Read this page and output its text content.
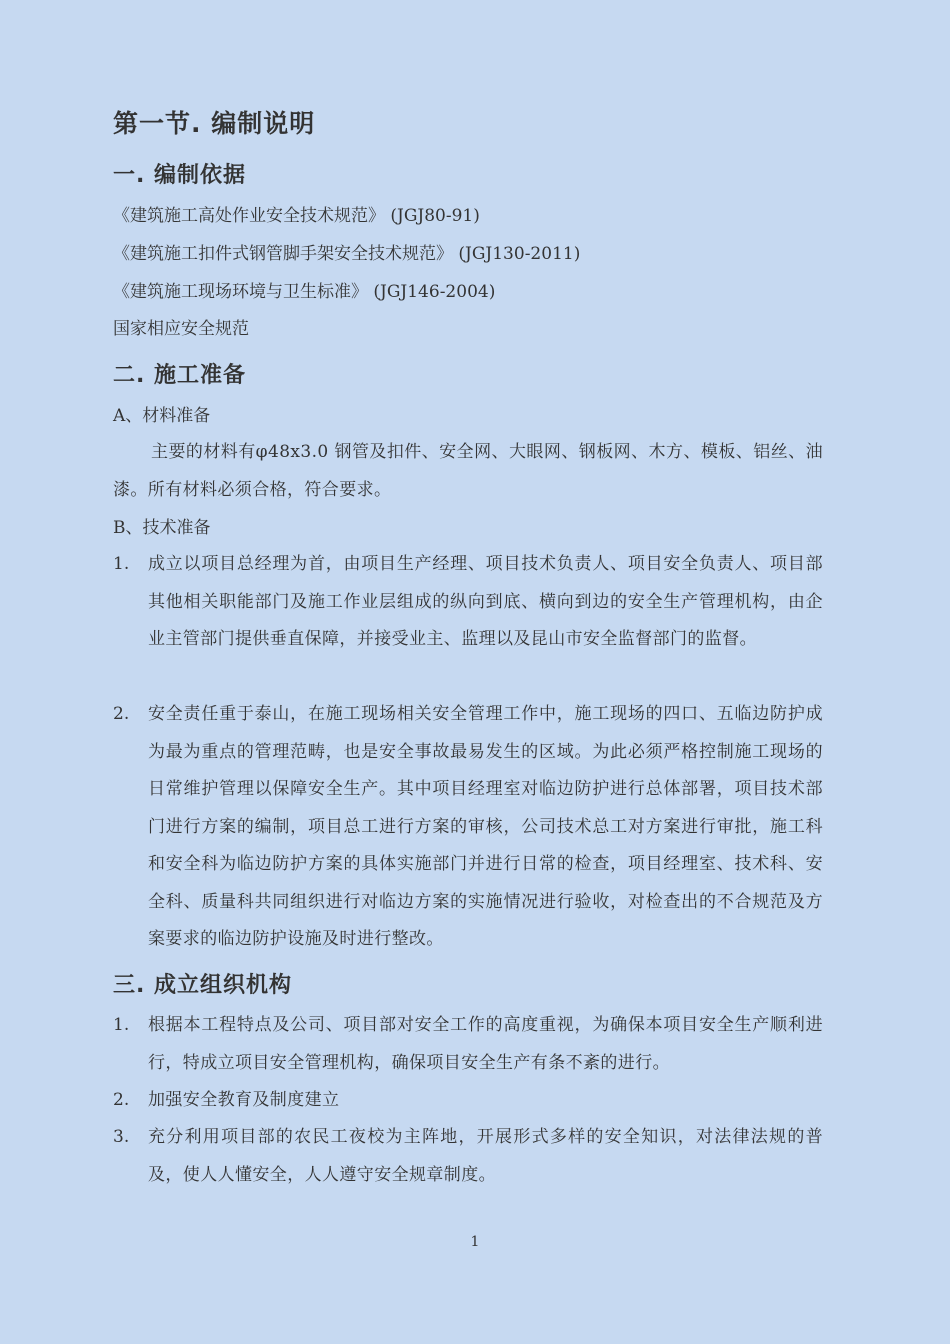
第一节. 编制说明
一. 编制依据
《建筑施工高处作业安全技术规范》 (JGJ80-91)
《建筑施工扣件式钢管脚手架安全技术规范》 (JGJ130-2011)
《建筑施工现场环境与卫生标准》 (JGJ146-2004)
国家相应安全规范
二. 施工准备
A、材料准备
主要的材料有φ48x3.0 钢管及扣件、安全网、大眼网、钢板网、木方、模板、铝丝、油漆。所有材料必须合格，符合要求。
B、技术准备
1. 成立以项目总经理为首，由项目生产经理、项目技术负责人、项目安全负责人、项目部其他相关职能部门及施工作业层组成的纵向到底、横向到边的安全生产管理机构，由企业主管部门提供垂直保障，并接受业主、监理以及昆山市安全监督部门的监督。
2. 安全责任重于泰山，在施工现场相关安全管理工作中，施工现场的四口、五临边防护成为最为重点的管理范畴，也是安全事故最易发生的区域。为此必须严格控制施工现场的日常维护管理以保障安全生产。其中项目经理室对临边防护进行总体部署，项目技术部门进行方案的编制，项目总工进行方案的审核，公司技术总工对方案进行审批，施工科和安全科为临边防护方案的具体实施部门并进行日常的检查，项目经理室、技术科、安全科、质量科共同组织进行对临边方案的实施情况进行验收，对检查出的不合规范及方案要求的临边防护设施及时进行整改。
三. 成立组织机构
1. 根据本工程特点及公司、项目部对安全工作的高度重视，为确保本项目安全生产顺利进行，特成立项目安全管理机构，确保项目安全生产有条不紊的进行。
2. 加强安全教育及制度建立
3. 充分利用项目部的农民工夜校为主阵地，开展形式多样的安全知识，对法律法规的普及，使人人懂安全，人人遵守安全规章制度。
1
